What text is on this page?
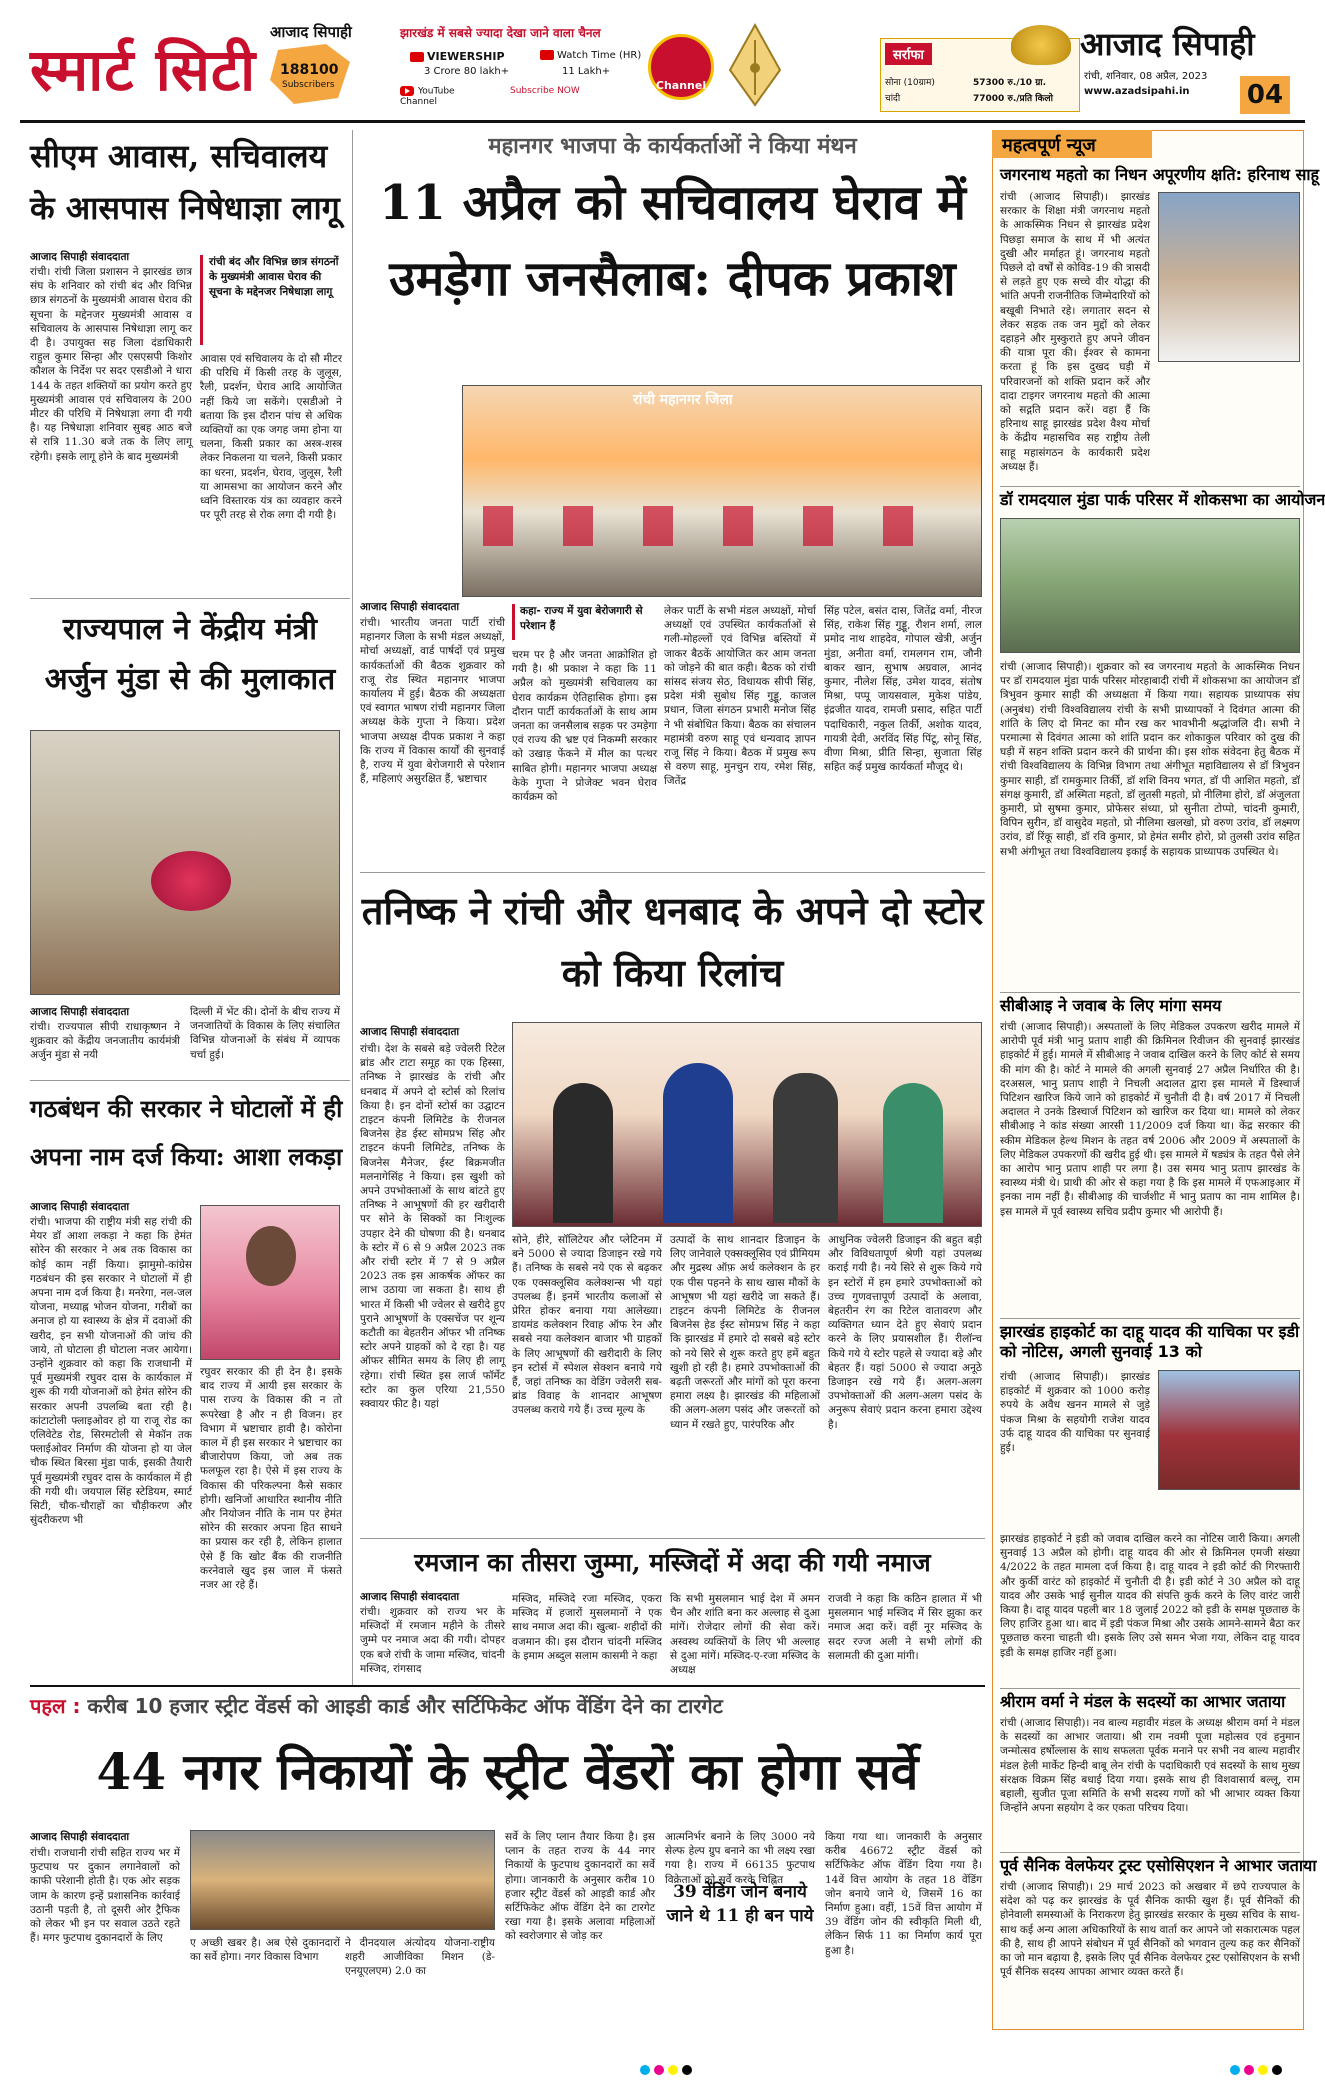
स्मार्ट सिटी
आजाद सिपाही
188100
Subscribers
झारखंड में सबसे ज्यादा देखा जाने वाला चैनल
VIEWERSHIP
3 Crore 80 lakh+
Watch Time (HR)
11 Lakh+
YouTube Channel
Subscribe NOW	Channel
सर्राफा
सोना (10ग्राम)	57300 रु./10 ग्रा.
चांदी	77000 रु./प्रति किलो
आजाद सिपाही
रांची, शनिवार, 08 अप्रैल, 2023
www.azadsipahi.in 04
सीएम आवास, सचिवालय के आसपास निषेधाज्ञा लागू
आजाद सिपाही संवाददाता	रांची बंद और विभिन्न छात्र संगठनों के मुख्यमंत्री आवास घेराव की सूचना के मद्देनजर निषेधाज्ञा लागू
रांची। रांची जिला प्रशासन ने झारखंड छात्र संघ के शनिवार को रांची बंद और विभिन्न छात्र संगठनों के मुख्यमंत्री आवास घेराव की सूचना के मद्देनजर मुख्यमंत्री आवास व सचिवालय के आसपास निषेधाज्ञा लागू कर दी है। उपायुक्त सह जिला दंडाधिकारी राहुल कुमार सिन्हा और एसएसपी किशोर कौशल के निर्देश पर सदर एसडीओ ने धारा 144 के तहत शक्तियों का प्रयोग करते हुए मुख्यमंत्री आवास एवं सचिवालय के 200 मीटर की परिधि में निषेधाज्ञा लगा दी गयी है। यह निषेधाज्ञा शनिवार सुबह आठ बजे से रात्रि 11.30 बजे तक के लिए लागू रहेगी। इसके लागू होने के बाद मुख्यमंत्री
आवास एवं सचिवालय के दो सौ मीटर की परिधि में किसी तरह के जुलूस, रैली, प्रदर्शन, घेराव आदि आयोजित नहीं किये जा सकेंगे। एसडीओ ने बताया कि इस दौरान पांच से अधिक व्यक्तियों का एक जगह जमा होना या चलना, किसी प्रकार का अस्त्र-शस्त्र लेकर निकलना या चलने, किसी प्रकार का धरना, प्रदर्शन, घेराव, जुलूस, रैली या आमसभा का आयोजन करने और ध्वनि विस्तारक यंत्र का व्यवहार करने पर पूरी तरह से रोक लगा दी गयी है।
राज्यपाल ने केंद्रीय मंत्री अर्जुन मुंडा से की मुलाकात
आजाद सिपाही संवाददाता
रांची। राज्यपाल सीपी राधाकृष्णन ने शुक्रवार को केंद्रीय जनजातीय कार्यमंत्री अर्जुन मुंडा से नयी
दिल्ली में भेंट की। दोनों के बीच राज्य में जनजातियों के विकास के लिए संचालित विभिन्न योजनाओं के संबंध में व्यापक चर्चा हुई।
गठबंधन की सरकार ने घोटालों में ही अपना नाम दर्ज किया: आशा लकड़ा
आजाद सिपाही संवाददाता
रांची। भाजपा की राष्ट्रीय मंत्री सह रांची की मेयर डॉ आशा लकड़ा ने कहा कि हेमंत सोरेन की सरकार ने अब तक विकास का कोई काम नहीं किया। झामुमो-कांग्रेस गठबंधन की इस सरकार ने घोटालों में ही अपना नाम दर्ज किया है। मनरेगा, नल-जल योजना, मध्याह्न भोजन योजना, गरीबों का अनाज हो या स्वास्थ्य के क्षेत्र में दवाओं की खरीद, इन सभी योजनाओं की जांच की जाये, तो घोटाला ही घोटाला नजर आयेगा। उन्होंने शुक्रवार को कहा कि राजधानी में पूर्व मुख्यमंत्री रघुवर दास के कार्यकाल में शुरू की गयी योजनाओं को हेमंत सोरेन की सरकार अपनी उपलब्धि बता रही है। कांटाटोली फ्लाइओवर हो या राजू रोड का एलिवेटेड रोड, सिरमटोली से मेकॉन तक फ्लाईओवर निर्माण की योजना हो या जेल चौक स्थित बिरसा मुंडा पार्क, इसकी तैयारी पूर्व मुख्यमंत्री रघुवर दास के कार्यकाल में ही की गयी थी। जयपाल सिंह स्टेडियम, स्मार्ट सिटी, चौक-चौराहों का चौड़ीकरण और सुंदरीकरण भी
रघुवर सरकार की ही देन है। इसके बाद राज्य में आयी इस सरकार के पास राज्य के विकास की न तो रूपरेखा है और न ही विजन। हर विभाग में भ्रष्टाचार हावी है। कोरोना काल में ही इस सरकार ने भ्रष्टाचार का बीजारोपण किया, जो अब तक फलफूल रहा है। ऐसे में इस राज्य के विकास की परिकल्पना कैसे सकार होगी। खनिजाें आधारित स्थानीय नीति और नियोजन नीति के नाम पर हेमंत सोरेन की सरकार अपना हित साधने का प्रयास कर रही है, लेकिन हालात ऐसे हैं कि खोट बैंक की राजनीति करनेवाले खुद इस जाल में फंसते नजर आ रहे हैं।
महानगर भाजपा के कार्यकर्ताओं ने किया मंथन
11 अप्रैल को सचिवालय घेराव में उमड़ेगा जनसैलाब: दीपक प्रकाश
रांची महानगर जिला
आजाद सिपाही संवाददाता
रांची। भारतीय जनता पार्टी रांची महानगर जिला के सभी मंडल अध्यक्षों, मोर्चा अध्यक्षों, वार्ड पार्षदों एवं प्रमुख कार्यकर्ताओं की बैठक शुक्रवार को राजू रोड स्थित महानगर भाजपा कार्यालय में हुई। बैठक की अध्यक्षता एवं स्वागत भाषण रांची महानगर जिला अध्यक्ष केके गुप्ता ने किया। प्रदेश भाजपा अध्यक्ष दीपक प्रकाश ने कहा कि राज्य में विकास कार्यों की सुनवाई है, राज्य में युवा बेरोजगारी से परेशान हैं, महिलाएं असुरक्षित हैं, भ्रष्टाचार
कहा- राज्य में युवा बेरोजगारी से परेशान हैं
चरम पर है और जनता आक्रोशित हो गयी है। श्री प्रकाश ने कहा कि 11 अप्रैल को मुख्यमंत्री सचिवालय का घेराव कार्यक्रम ऐतिहासिक होगा। इस दौरान पार्टी कार्यकर्ताओं के साथ आम जनता का जनसैलाब सड़क पर उमड़ेगा एवं राज्य की भ्रष्ट एवं निकम्मी सरकार को उखाड़ फेंकने में मील का पत्थर साबित होगी। महानगर भाजपा अध्यक्ष केके गुप्ता ने प्रोजेक्ट भवन घेराव कार्यक्रम को
लेकर पार्टी के सभी मंडल अध्यक्षों, मोर्चा अध्यक्षों एवं उपस्थित कार्यकर्ताओं से गली-मोहल्लों एवं विभिन्न बस्तियों में जाकर बैठकें आयोजित कर आम जनता को जोड़ने की बात कही। बैठक को रांची सांसद संजय सेठ, विधायक सीपी सिंह, प्रदेश मंत्री सुबोध सिंह गुड्डू, काजल प्रधान, जिला संगठन प्रभारी मनोज सिंह ने भी संबोधित किया। बैठक का संचालन महामंत्री वरुण साहू एवं धन्यवाद ज्ञापन राजू सिंह ने किया। बैठक में प्रमुख रूप से वरुण साहू, मुनचुन राय, रमेश सिंह, जितेंद्र
सिंह पटेल, बसंत दास, जितेंद्र वर्मा, नीरज सिंह, राकेश सिंह गुड्डू, रौशन शर्मा, लाल प्रमोद नाथ शाहदेव, गोपाल खेत्री, अर्जुन मुंडा, अनीता वर्मा, रामलगन राम, जौनी बाकर खान, सुभाष अग्रवाल, आनंद कुमार, नीलेश सिंह, उमेश यादव, संतोष मिश्रा, पप्पू जायसवाल, मुकेश पांडेय, इंद्रजीत यादव, रामजी प्रसाद, सहित पार्टी पदाधिकारी, नकुल तिर्की, अशोक यादव, गायत्री देवी, अरविंद सिंह पिंटू, सोनू सिंह, वीणा मिश्रा, प्रीति सिन्हा, सुजाता सिंह सहित कई प्रमुख कार्यकर्ता मौजूद थे।
तनिष्क ने रांची और धनबाद के अपने दो स्टोर को किया रिलांच
आजाद सिपाही संवाददाता
रांची। देश के सबसे बड़े ज्वेलरी रिटेल ब्रांड और टाटा समूह का एक हिस्सा, तनिष्क ने झारखंड के रांची और धनबाद में अपने दो स्टोर्स को रिलांच किया है। इन दोनों स्टोर्स का उद्घाटन टाइटन कंपनी लिमिटेड के रीजनल बिजनेस हेड ईस्ट सोमप्रभ सिंह और टाइटन कंपनी लिमिटेड, तनिष्क के बिजनेस मैनेजर, ईस्ट बिक्रमजीत मलनागेसिंह ने किया। इस खुशी को अपने उपभोक्ताओं के साथ बांटते हुए तनिष्क ने आभूषणों की हर खरीदारी पर सोने के सिक्कों का निःशुल्क उपहार देने की घोषणा की है। धनबाद के स्टोर में 6 से 9 अप्रैल 2023 तक और रांची स्टोर में 7 से 9 अप्रैल 2023 तक इस आकर्षक ऑफर का लाभ उठाया जा सकता है। साथ ही भारत में किसी भी ज्वेलर से खरीदे हुए पुराने आभूषणों के एक्सचेंज पर शून्य कटौती का बेहतरीन ऑफर भी तनिष्क स्टोर अपने ग्राहकों को दे रहा है। यह ऑफर सीमित समय के लिए ही लागू रहेगा। रांची स्थित इस लार्ज फॉर्मेट स्टोर का कुल एरिया 21,550 स्क्वायर फीट है। यहां
सोने, हीरे, सॉलिटेयर और प्लेटिनम में बने 5000 से ज्यादा डिजाइन रखे गये हैं। तनिष्क के सबसे नये एक से बढ़कर एक एक्सक्लूसिव कलेक्शन्स भी यहां उपलब्ध हैं। इनमें भारतीय कलाओं से प्रेरित होकर बनाया गया आलेख्या। डायमंड कलेक्शन रिवाह ऑफ रेन और सबसे नया कलेक्शन बाजार भी ग्राहकों के लिए आभूषणों की खरीदारी के लिए इन स्टोर्स में स्पेशल सेक्शन बनाये गये हैं, जहां तनिष्क का वेडिंग ज्वेलरी सब-ब्रांड विवाह के शानदार आभूषण उपलब्ध कराये गये हैं। उच्च मूल्य के
उत्पादों के साथ शानदार डिजाइन के लिए जानेवाले एक्सक्लूसिव एवं प्रीमियम और मुद्रस्थ ऑफ़ अर्थ कलेक्शन के हर एक पीस पहनने के साथ खास मौकों के आभूषण भी यहां खरीदे जा सकते हैं। टाइटन कंपनी लिमिटेड के रीजनल बिजनेस हेड ईस्ट सोमप्रभ सिंह ने कहा कि झारखंड में हमारे दो सबसे बड़े स्टोर को नये सिरे से शुरू करते हुए हमें बहुत खुशी हो रही है। हमारे उपभोक्ताओं की बढ़ती जरूरतों और मांगों को पूरा करना हमारा लक्ष्य है। झारखंड की महिलाओं की अलग-अलग पसंद और जरूरतों को ध्यान में रखते हुए, पारंपरिक और
आधुनिक ज्वेलरी डिजाइन की बहुत बड़ी और विविधतापूर्ण श्रेणी यहां उपलब्ध कराई गयी है। नये सिरे से शुरू किये गये इन स्टोरों में हम हमारे उपभोक्ताओं को उच्च गुणवत्तापूर्ण उत्पादों के अलावा, बेहतरीन रंग का रिटेल वातावरण और व्यक्तिगत ध्यान देते हुए सेवाएं प्रदान करने के लिए प्रयासशील हैं। रीलॉन्च किये गये ये स्टोर पहले से ज्यादा बड़े और बेहतर हैं। यहां 5000 से ज्यादा अनूठे डिजाइन रखे गये हैं। अलग-अलग उपभोक्ताओं की अलग-अलग पसंद के अनुरूप सेवाएं प्रदान करना हमारा उद्देश्य है।
रमजान का तीसरा जुम्मा, मस्जिदों में अदा की गयी नमाज
आजाद सिपाही संवाददाता
रांची। शुक्रवार को राज्य भर के मस्जिदों में रमजान महीने के तीसरे जुम्मे पर नमाज अदा की गयी। दोपहर एक बजे रांची के जामा मस्जिद, चांदनी मस्जिद, रांगसाद
मस्जिद, मस्जिदे रजा मस्जिद, एकरा मस्जिद में हजारों मुसलमानों ने एक साथ नमाज अदा की। खुत्बा- शहीदों की वजमान की। इस दौरान चांदनी मस्जिद के इमाम अब्दुल सलाम कासमी ने कहा
कि सभी मुसलमान भाई देश में अमन चैन और शांति बना कर अल्लाह से दुआ मांगें। रोजेदार लोगों की सेवा करें। अस्वस्थ व्यक्तियों के लिए भी अल्लाह से दुआ मांगें। मस्जिद-ए-रजा मस्जिद के अध्यक्ष
राजवी ने कहा कि कठिन हालात में भी मुसलमान भाई मस्जिद में सिर झुका कर नमाज अदा करें। वहीं नूर मस्जिद के सदर रज्ज अली ने सभी लोगों की सलामती की दुआ मांगी।
पहल : करीब 10 हजार स्ट्रीट वेंडर्स को आइडी कार्ड और सर्टिफिकेट ऑफ वेंडिंग देने का टारगेट
44 नगर निकायों के स्ट्रीट वेंडरों का होगा सर्वे
आजाद सिपाही संवाददाता
रांची। राजधानी रांची सहित राज्य भर में फुटपाथ पर दुकान लगानेवालों को काफी परेशानी होती है। एक ओर सड़क जाम के कारण इन्हें प्रशासनिक कार्रवाई उठानी पड़ती है, तो दूसरी ओर ट्रैफिक को लेकर भी इन पर सवाल उठते रहते हैं। मगर फुटपाथ दुकानदारों के लिए	ए अच्छी खबर है। अब ऐसे दुकानदारों का सर्वे होगा। नगर विकास विभाग
ने दीनदयाल अंत्योदय योजना-राष्ट्रीय शहरी आजीविका मिशन (डे-एनयूएलएम) 2.0 का
सर्वे के लिए प्लान तैयार किया है। इस प्लान के तहत राज्य के 44 नगर निकायों के फुटपाथ दुकानदारों का सर्वे होगा। जानकारी के अनुसार करीब 10 हजार स्ट्रीट वेंडर्स को आइडी कार्ड और सर्टिफिकेट ऑफ वेंडिंग देने का टारगेट रखा गया है। इसके अलावा महिलाओं को स्वरोजगार से जोड़ कर
आत्मनिर्भर बनाने के लिए 3000 नये सेल्फ हेल्प ग्रुप बनाने का भी लक्ष्य रखा गया है। राज्य में 66135 फुटपाथ विक्रेताओं को सर्वे करके चिह्नित
39 वेंडिंग जोन बनाये जाने थे 11 ही बन पाये
किया गया था। जानकारी के अनुसार करीब 46672 स्ट्रीट वेंडर्स को सर्टिफिकेट ऑफ वेंडिंग दिया गया है। 14वें वित्त आयोग के तहत 18 वेंडिंग जोन बनाये जाने थे, जिसमें 16 का निर्माण हुआ। वहीं, 15वें वित्त आयोग में 39 वेंडिंग जोन की स्वीकृति मिली थी, लेकिन सिर्फ 11 का निर्माण कार्य पूरा हुआ है।
महत्वपूर्ण न्यूज
जगरनाथ महतो का निधन अपूरणीय क्षति: हरिनाथ साहू
रांची (आजाद सिपाही)। झारखंड सरकार के शिक्षा मंत्री जगरनाथ महतो के आकस्मिक निधन से झारखंड प्रदेश पिछड़ा समाज के साथ में भी अत्यंत दुखी और मर्माहत हूं। जगरनाथ महतो पिछले दो वर्षों से कोविड-19 की त्रासदी से लड़ते हुए एक सच्चे वीर योद्धा की भांति अपनी राजनीतिक जिम्मेदारियों को बखूबी निभाते रहे। लगातार सदन से लेकर सड़क तक जन मुद्दों को लेकर दहाड़ने और मुस्कुराते हुए अपने जीवन की यात्रा पूरा की। ईश्वर से कामना करता हूं कि इस दुखद घड़ी में परिवारजनों को शक्ति प्रदान करें और दादा टाइगर जगरनाथ महतो की आत्मा को सद्गति प्रदान करें। वहा हैं कि हरिनाथ साहू झारखंड प्रदेश वैश्य मोर्चा के केंद्रीय महासचिव सह राष्ट्रीय तेली साहू महासंगठन के कार्यकारी प्रदेश अध्यक्ष हैं।
डॉ रामदयाल मुंडा पार्क परिसर में शोकसभा का आयोजन
रांची (आजाद सिपाही)। शुक्रवार को स्व जगरनाथ महतो के आकस्मिक निधन पर डॉ रामदयाल मुंडा पार्क परिसर मोरहाबादी रांची में शोकसभा का आयोजन डॉ त्रिभुवन कुमार साही की अध्यक्षता में किया गया। सहायक प्राध्यापक संघ (अनुबंध) रांची विश्वविद्यालय रांची के सभी प्राध्यापकों ने दिवंगत आत्मा की शांति के लिए दो मिनट का मौन रख कर भावभीनी श्रद्धांजलि दी। सभी ने परमात्मा से दिवंगत आत्मा को शांति प्रदान कर शोकाकुल परिवार को दुख की घड़ी में सहन शक्ति प्रदान करने की प्रार्थना की। इस शोक संवेदना हेतु बैठक में रांची विश्वविद्यालय के विभिन्न विभाग तथा अंगीभूत महाविद्यालय से डॉ त्रिभुवन कुमार साही, डॉ रामकुमार तिर्की, डॉ शशि विनय भगत, डॉ पी आशित महतो, डॉ संगक्ष कुमारी, डॉ अस्मिता महतो, डॉ लुतसी महतो, प्रो नीलिमा होरो, डॉ अंजुलता कुमारी, प्रो सुषमा कुमार, प्रोफेसर संध्या, प्रो सुनीता टोप्पो, चांदनी कुमारी, विपिन सुरीन, डॉ वासुदेव महतो, प्रो नीलिमा खलखो, प्रो वरुण उरांव, डॉ लक्ष्मण उरांव, डॉ रिंकू साही, डॉ रवि कुमार, प्रो हेमंत समीर होरो, प्रो तुलसी उरांव सहित सभी अंगीभूत तथा विश्वविद्यालय इकाई के सहायक प्राध्यापक उपस्थित थे।
सीबीआइ ने जवाब के लिए मांगा समय
रांची (आजाद सिपाही)। अस्पतालों के लिए मेडिकल उपकरण खरीद मामले में आरोपी पूर्व मंत्री भानु प्रताप शाही की क्रिमिनल रिवीजन की सुनवाई झारखंड हाइकोर्ट में हुई। मामले में सीबीआइ ने जवाब दाखिल करने के लिए कोर्ट से समय की मांग की है। कोर्ट ने मामले की अगली सुनवाई 27 अप्रैल निर्धारित की है। दरअसल, भानु प्रताप शाही ने निचली अदालत द्वारा इस मामले में डिस्चार्ज पिटिशन खारिज किये जाने को हाइकोर्ट में चुनौती दी है। वर्ष 2017 में निचली अदालत ने उनके डिस्चार्ज पिटिशन को खारिज कर दिया था। मामले को लेकर सीबीआइ ने कांड संख्या आरसी 11/2009 दर्ज किया था। केंद्र सरकार की स्कीम मेडिकल हेल्थ मिशन के तहत वर्ष 2006 और 2009 में अस्पतालों के लिए मेडिकल उपकरणों की खरीद हुई थी। इस मामले में षड्यंत्र के तहत पैसे लेने का आरोप भानु प्रताप शाही पर लगा है। उस समय भानु प्रताप झारखंड के स्वास्थ्य मंत्री थे। प्राथी की ओर से कहा गया है कि इस मामले में एफआइआर में इनका नाम नहीं है। सीबीआइ की चार्जशीट में भानु प्रताप का नाम शामिल है। इस मामले में पूर्व स्वास्थ्य सचिव प्रदीप कुमार भी आरोपी हैं।
झारखंड हाइकोर्ट का दाहू यादव की याचिका पर इडी को नोटिस, अगली सुनवाई 13 को
रांची (आजाद सिपाही)। झारखंड हाइकोर्ट में शुक्रवार को 1000 करोड़ रुपये के अवैध खनन मामले से जुड़े पंकज मिश्रा के सहयोगी राजेश यादव उर्फ दाहू यादव की याचिका पर सुनवाई हुई।
झारखंड हाइकोर्ट ने इडी को जवाब दाखिल करने का नोटिस जारी किया। अगली सुनवाई 13 अप्रैल को होगी। दाहू यादव की ओर से क्रिमिनल एमजी संख्या 4/2022 के तहत मामला दर्ज किया है। दाहू यादव ने इडी कोर्ट की गिरफ्तारी और कुर्की वारंट को हाइकोर्ट में चुनौती दी है। इडी कोर्ट ने 30 अप्रैल को दाहू यादव और उसके भाई सुनील यादव की संपत्ति कुर्क करने के लिए वारंट जारी किया है। दाहू यादव पहली बार 18 जुलाई 2022 को इडी के समक्ष पूछताछ के लिए हाजिर हुआ था। बाद में इडी पंकज मिश्रा और उसके आमने-सामने बैठा कर पूछताछ करना चाहती थी। इसके लिए उसे समन भेजा गया, लेकिन दाहू यादव इडी के समक्ष हाजिर नहीं हुआ।
श्रीराम वर्मा ने मंडल के सदस्यों का आभार जताया
रांची (आजाद सिपाही)। नव बाल्य महावीर मंडल के अध्यक्ष श्रीराम वर्मा ने मंडल के सदस्यों का आभार जताया। श्री राम नवमी पूजा महोत्सव एवं हनुमान जन्मोत्सव हर्षोल्लास के साथ सफलता पूर्वक मनाने पर सभी नव बाल्य महावीर मंडल हेली मार्केट हिन्दी बाबू लेन रांची के पदाधिकारी एवं सदस्यों के साथ मुख्य संरक्षक विक्रम सिंह बधाई दिया गया। इसके साथ ही विशवासार्य बल्लू, राम बहाली, सुजीत पूजा समिति के सभी सदस्य गणों को भी आभार व्यक्त किया जिन्होंने अपना सहयोग दे कर एकता परिचय दिया।
पूर्व सैनिक वेलफेयर ट्रस्ट एसोसिएशन ने आभार जताया
रांची (आजाद सिपाही)। 29 मार्च 2023 को अखबार में छपे राज्यपाल के संदेश को पढ़ कर झारखंड के पूर्व सैनिक काफी खुश हैं। पूर्व सैनिकों की होनेवाली समस्याओं के निराकरण हेतु झारखंड सरकार के मुख्य सचिव के साथ-साथ कई अन्य आला अधिकारियों के साथ वार्ता कर आपने जो सकारात्मक पहल की है, साथ ही आपने संबोधन में पूर्व सैनिकों को भगवान तुल्य कह कर सैनिकों का जो मान बढ़ाया है, इसके लिए पूर्व सैनिक वेलफेयर ट्रस्ट एसोसिएशन के सभी पूर्व सैनिक सदस्य आपका आभार व्यक्त करते हैं।
